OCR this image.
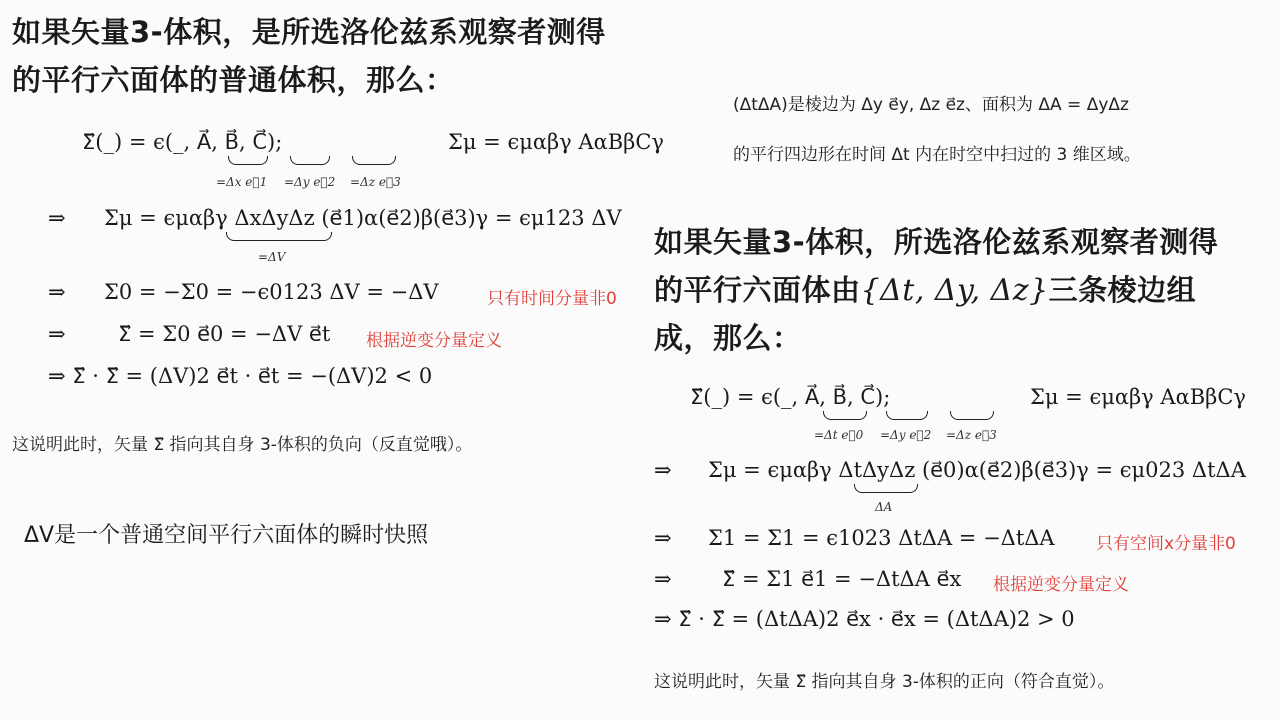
如果矢量3-体积，是所选洛伦兹系观察者测得
的平行六面体的普通体积，那么：
Σ⃗(_) = ϵ(_, A⃗, B⃗, C⃗);	Σμ = ϵμαβγ AαBβCγ
=Δx e⃗1 =Δy e⃗2 =Δz e⃗3
⇒ Σμ = ϵμαβγ ΔxΔyΔz (e⃗1)α(e⃗2)β(e⃗3)γ = ϵμ123 ΔV
=ΔV
⇒ Σ0 = −Σ0 = −ϵ0123 ΔV = −ΔV	只有时间分量非0
⇒ Σ⃗ = Σ0 e⃗0 = −ΔV e⃗t 根据逆变分量定义
⇒ Σ⃗ · Σ⃗ = (ΔV)2 e⃗t · e⃗t = −(ΔV)2 < 0
这说明此时，矢量 Σ⃗ 指向其自身 3-体积的负向（反直觉哦）。
ΔV是一个普通空间平行六面体的瞬时快照
(ΔtΔA)是棱边为 Δy e⃗y, Δz e⃗z、面积为 ΔA = ΔyΔz
的平行四边形在时间 Δt 内在时空中扫过的 3 维区域。
如果矢量3-体积，所选洛伦兹系观察者测得
的平行六面体由{Δt, Δy, Δz}三条棱边组
成，那么：
Σ⃗(_) = ϵ(_, A⃗, B⃗, C⃗);	Σμ = ϵμαβγ AαBβCγ
=Δt e⃗0 =Δy e⃗2 =Δz e⃗3
⇒ Σμ = ϵμαβγ ΔtΔyΔz (e⃗0)α(e⃗2)β(e⃗3)γ = ϵμ023 ΔtΔA
ΔA
⇒ Σ1 = Σ1 = ϵ1023 ΔtΔA = −ΔtΔA 只有空间x分量非0
⇒ Σ⃗ = Σ1 e⃗1 = −ΔtΔA e⃗x 根据逆变分量定义
⇒ Σ⃗ · Σ⃗ = (ΔtΔA)2 e⃗x · e⃗x = (ΔtΔA)2 > 0
这说明此时，矢量 Σ⃗ 指向其自身 3-体积的正向（符合直觉）。
